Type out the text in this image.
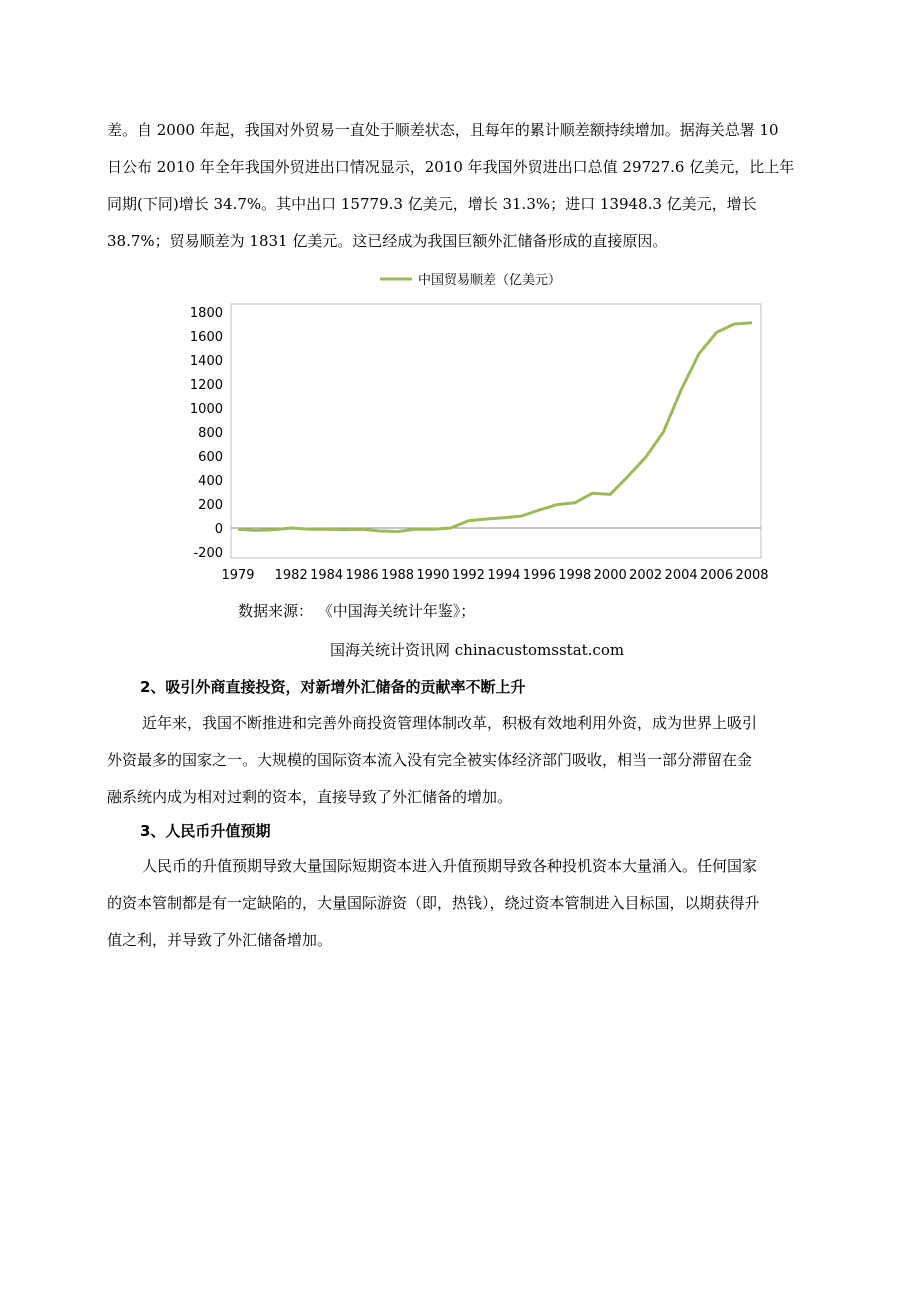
差。自 2000 年起，我国对外贸易一直处于顺差状态，且每年的累计顺差额持续增加。据海关总署 10
日公布 2010 年全年我国外贸进出口情况显示，2010 年我国外贸进出口总值 29727.6 亿美元，比上年
同期(下同)增长 34.7%。其中出口 15779.3 亿美元，增长 31.3%；进口 13948.3 亿美元，增长
38.7%；贸易顺差为 1831 亿美元。这已经成为我国巨额外汇储备形成的直接原因。
中国贸易顺差（亿美元）
1800
1600
1400
1200
1000
800
600
400
200
0
-200
1979 1982 1984 1986 1988 1990 1992 1994 1996 1998 2000 2002 2004 2006 2008
数据来源： 《中国海关统计年鉴》；
国海关统计资讯网 chinacustomsstat.com
2、吸引外商直接投资，对新增外汇储备的贡献率不断上升
近年来，我国不断推进和完善外商投资管理体制改革，积极有效地利用外资，成为世界上吸引
外资最多的国家之一。大规模的国际资本流入没有完全被实体经济部门吸收，相当一部分滞留在金
融系统内成为相对过剩的资本，直接导致了外汇储备的增加。
3、人民币升值预期
人民币的升值预期导致大量国际短期资本进入升值预期导致各种投机资本大量涌入。任何国家
的资本管制都是有一定缺陷的，大量国际游资（即，热钱），绕过资本管制进入目标国，以期获得升
值之利，并导致了外汇储备增加。
